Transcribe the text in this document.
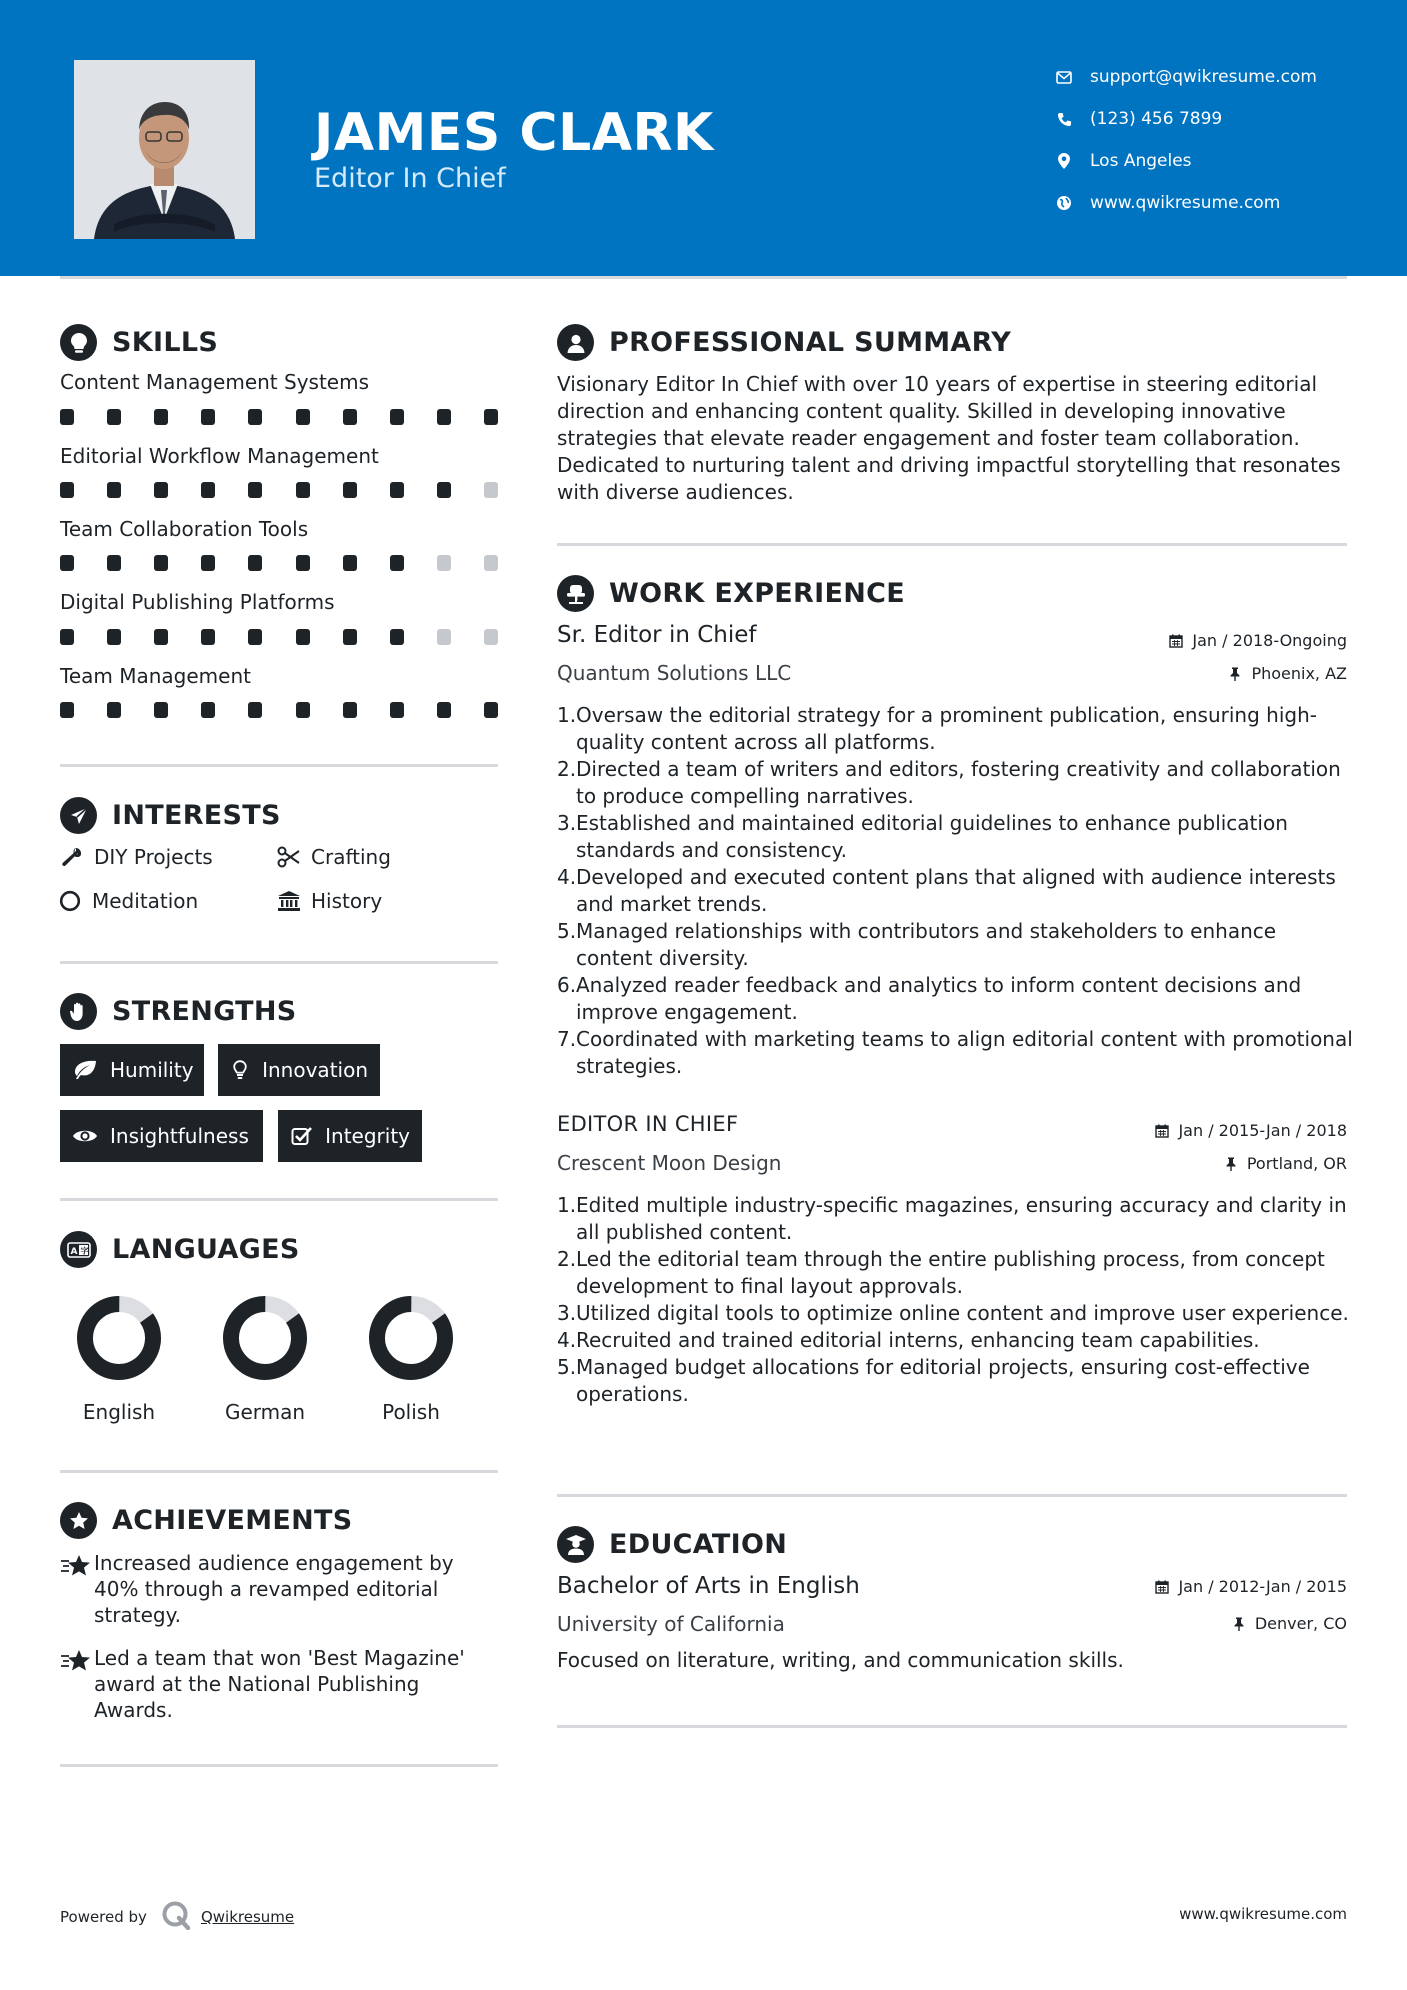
JAMES CLARK
Editor In Chief
support@qwikresume.com
(123) 456 7899
Los Angeles
www.qwikresume.com
SKILLS
Content Management Systems
Editorial Workflow Management
Team Collaboration Tools
Digital Publishing Platforms
Team Management
INTERESTS
DIY Projects	Crafting
Meditation	History
STRENGTHS
Humility	Innovation
Insightfulness	Integrity
A 字 LANGUAGES
English	German	Polish
ACHIEVEMENTS
Increased audience engagement by 40% through a revamped editorial strategy.
Led a team that won 'Best Magazine' award at the National Publishing Awards.
PROFESSIONAL SUMMARY
Visionary Editor In Chief with over 10 years of expertise in steering editorial direction and enhancing content quality. Skilled in developing innovative strategies that elevate reader engagement and foster team collaboration. Dedicated to nurturing talent and driving impactful storytelling that resonates with diverse audiences.
WORK EXPERIENCE
Sr. Editor in Chief	Jan / 2018-Ongoing
Quantum Solutions LLC	Phoenix, AZ
1. Oversaw the editorial strategy for a prominent publication, ensuring high-quality content across all platforms.
2. Directed a team of writers and editors, fostering creativity and collaboration to produce compelling narratives.
3. Established and maintained editorial guidelines to enhance publication standards and consistency.
4. Developed and executed content plans that aligned with audience interests and market trends.
5. Managed relationships with contributors and stakeholders to enhance content diversity.
6. Analyzed reader feedback and analytics to inform content decisions and improve engagement.
7. Coordinated with marketing teams to align editorial content with promotional strategies.
EDITOR IN CHIEF	Jan / 2015-Jan / 2018
Crescent Moon Design	Portland, OR
1. Edited multiple industry-specific magazines, ensuring accuracy and clarity in all published content.
2. Led the editorial team through the entire publishing process, from concept development to final layout approvals.
3. Utilized digital tools to optimize online content and improve user experience.
4. Recruited and trained editorial interns, enhancing team capabilities.
5. Managed budget allocations for editorial projects, ensuring cost-effective operations.
EDUCATION
Bachelor of Arts in English	Jan / 2012-Jan / 2015
University of California	Denver, CO
Focused on literature, writing, and communication skills.
Powered by	Qwikresume	www.qwikresume.com
